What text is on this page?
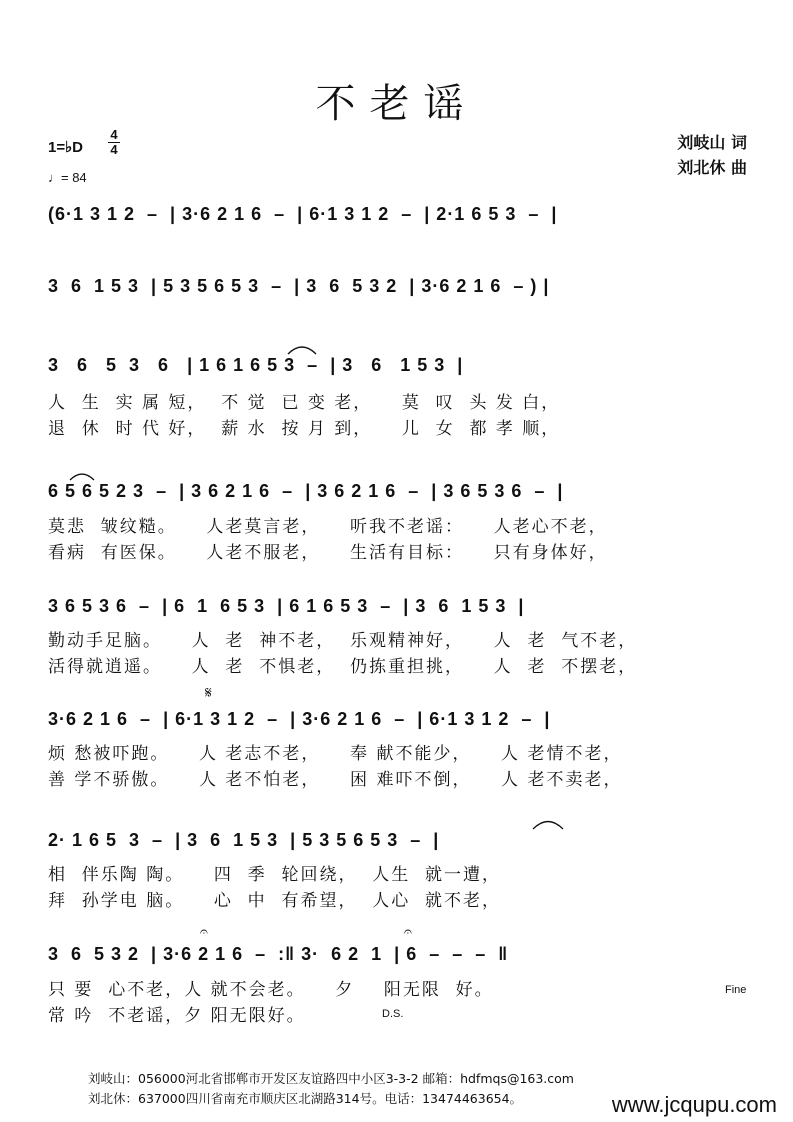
不老谣
1=♭D
4
4
♩= 84
刘岐山 词
刘北休 曲
(6·1 3 1 2  –  | 3·6 2 1 6  –  | 6·1 3 1 2  –  | 2·1 6 5 3  –  |
3  6  1 5 3  | 5 3 5 6 5 3  –  | 3  6  5 3 2  | 3·6 2 1 6  – ) |
3   6   5  3   6   | 1 6 1 6 5 3  –  | 3   6   1 5 3  |
人  生  实 属 短，  不 觉  已 变 老，    莫  叹  头 发 白，
退  休  时 代 好，  薪 水  按 月 到，    儿  女  都 孝 顺，
6 5 6 5 2 3  –  | 3 6 2 1 6  –  | 3 6 2 1 6  –  | 3 6 5 3 6  –  |
莫悲  皱纹糙。    人老莫言老，    听我不老谣：    人老心不老，
看病  有医保。    人老不服老，    生活有目标：    只有身体好，
3 6 5 3 6  –  | 6  1  6 5 3  | 6 1 6 5 3  –  | 3  6  1 5 3  |
勤动手足脑。    人  老  神不老，  乐观精神好，    人  老  气不老，
活得就逍遥。    人  老  不惧老，  仍拣重担挑，    人  老  不摆老，
𝄋
3·6 2 1 6  –  | 6·1 3 1 2  –  | 3·6 2 1 6  –  | 6·1 3 1 2  –  |
烦 愁被吓跑。    人 老志不老，    奉 献不能少，    人 老情不老，
善 学不骄傲。    人 老不怕老，    困 难吓不倒，    人 老不卖老，
2· 1 6 5  3  –  | 3  6  1 5 3  | 5 3 5 6 5 3  –  |
相  伴乐陶 陶。    四  季  轮回绕，  人生  就一遭，
拜  孙学电 脑。    心  中  有希望，  人心  就不老，
𝄐	𝄐
3  6  5 3 2  | 3·6 2 1 6  –  :‖ 3·  6 2  1  | 6  –  –  –  ‖
只 要  心不老，人 就不会老。    夕    阳无限  好。	Fine
常 吟  不老谣，夕 阳无限好。	D.S.
刘岐山：056000河北省邯郸市开发区友谊路四中小区3-3-2 邮箱：hdfmqs@163.com
刘北休：637000四川省南充市顺庆区北湖路314号。电话：13474463654。	www.jcqupu.com
